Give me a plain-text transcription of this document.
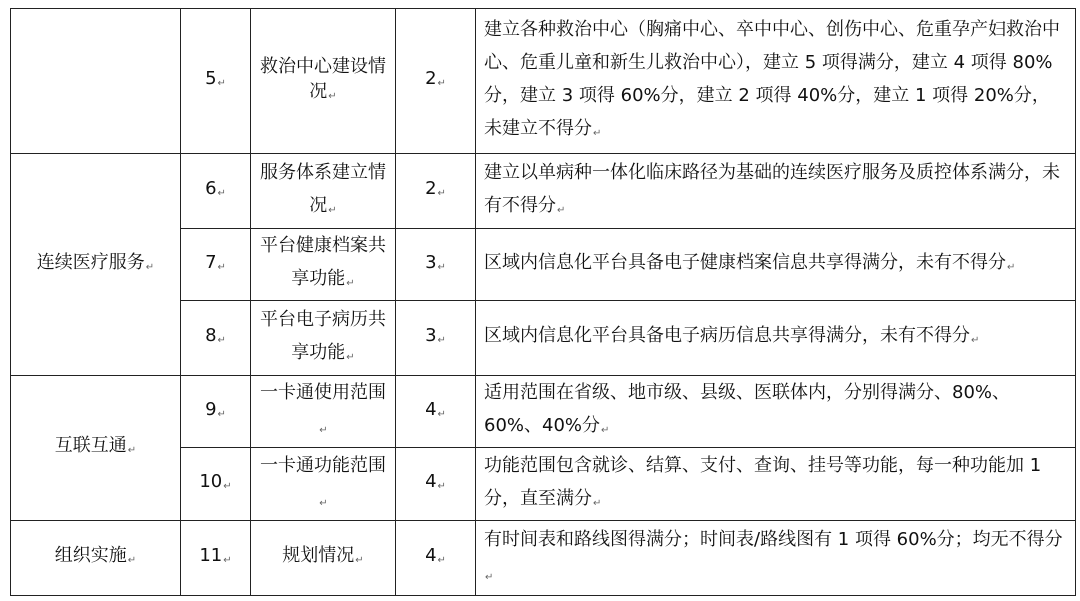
	5↵	救治中心建设情况↵	2↵	建立各种救治中心（胸痛中心、卒中中心、创伤中心、危重孕产妇救治中心、危重儿童和新生儿救治中心），建立 5 项得满分，建立 4 项得 80%分，建立 3 项得 60%分，建立 2 项得 40%分，建立 1 项得 20%分，未建立不得分↵
连续医疗服务↵	6↵	服务体系建立情况↵	2↵	建立以单病种一体化临床路径为基础的连续医疗服务及质控体系满分，未有不得分↵
	7↵	平台健康档案共享功能↵	3↵	区域内信息化平台具备电子健康档案信息共享得满分，未有不得分↵
	8↵	平台电子病历共享功能↵	3↵	区域内信息化平台具备电子病历信息共享得满分，未有不得分↵
互联互通↵	9↵	一卡通使用范围↵	4↵	适用范围在省级、地市级、县级、医联体内，分别得满分、80%、60%、40%分↵
	10↵	一卡通功能范围↵	4↵	功能范围包含就诊、结算、支付、查询、挂号等功能，每一种功能加 1 分，直至满分↵
组织实施↵	11↵	规划情况↵	4↵	有时间表和路线图得满分；时间表/路线图有 1 项得 60%分；均无不得分↵
